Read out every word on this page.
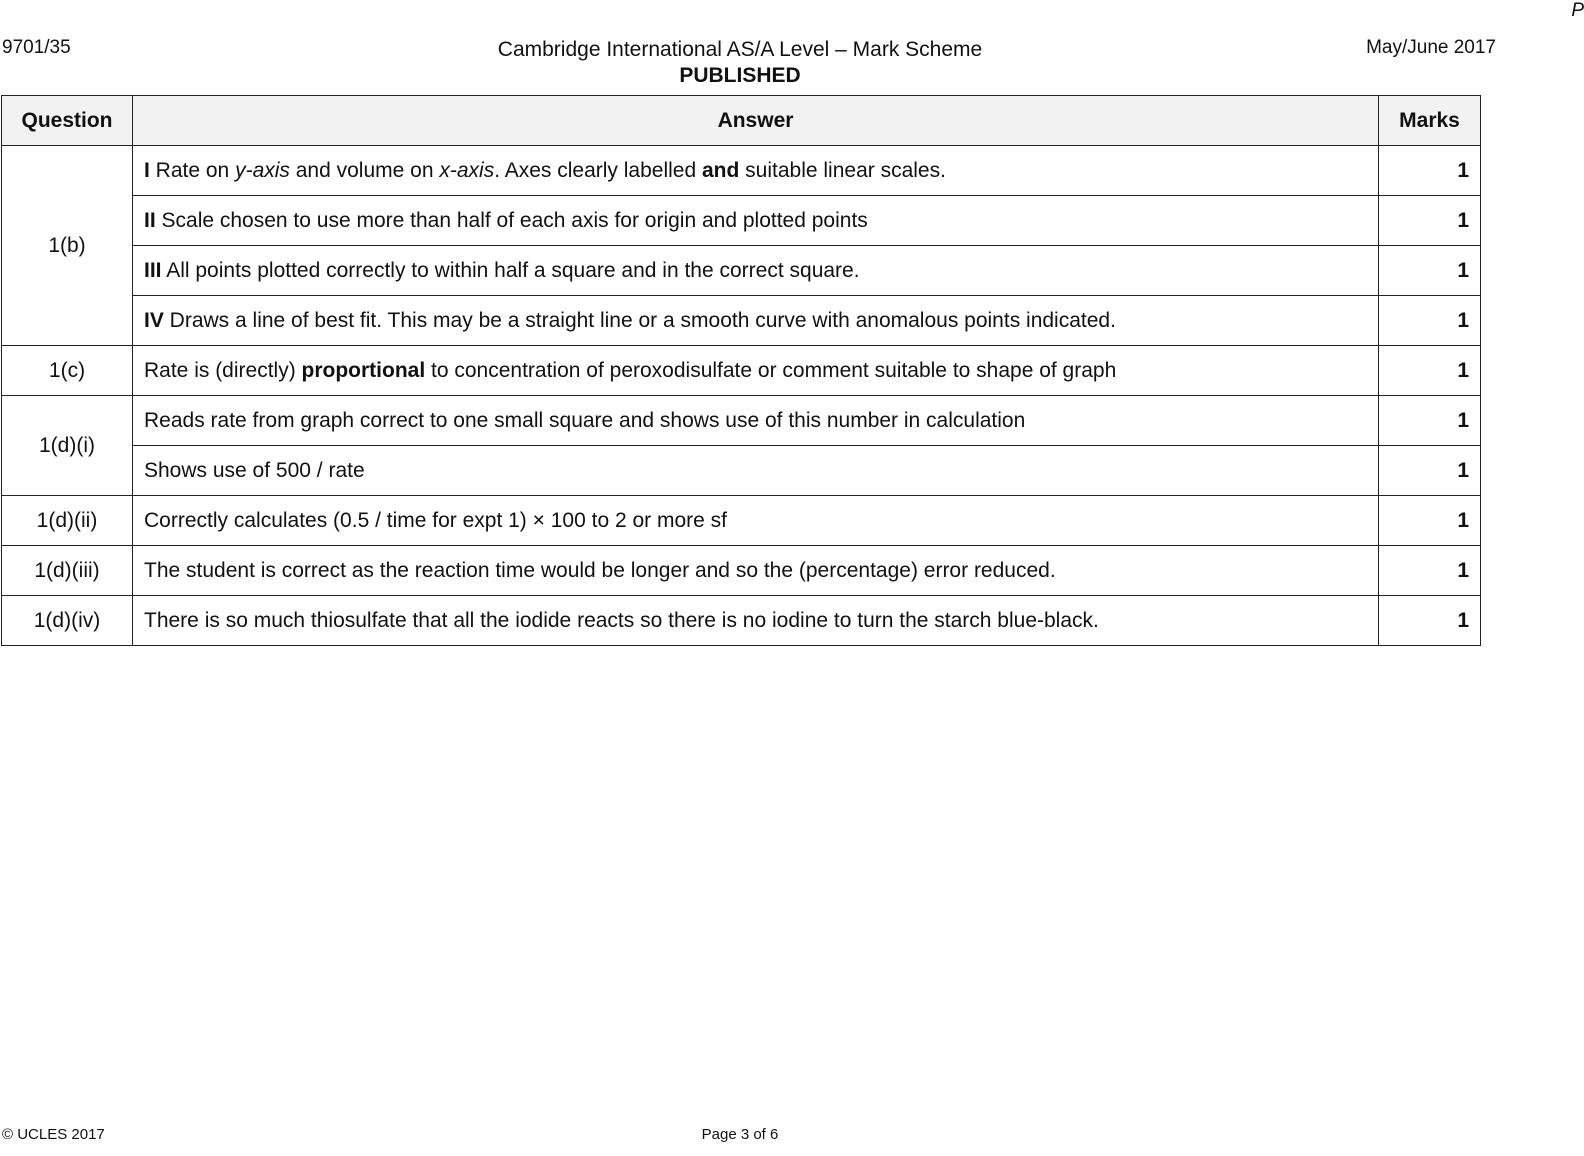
9701/35	Cambridge International AS/A Level – Mark Scheme
PUBLISHED
May/June 2017
P
Question	Answer	Marks
1(b)	I Rate on y-axis and volume on x-axis. Axes clearly labelled and suitable linear scales.	1
	II Scale chosen to use more than half of each axis for origin and plotted points	1
	III All points plotted correctly to within half a square and in the correct square.	1
	IV Draws a line of best fit. This may be a straight line or a smooth curve with anomalous points indicated.	1
1(c)	Rate is (directly) proportional to concentration of peroxodisulfate or comment suitable to shape of graph	1
1(d)(i)	Reads rate from graph correct to one small square and shows use of this number in calculation	1
	Shows use of 500 / rate	1
1(d)(ii)	Correctly calculates (0.5 / time for expt 1) × 100 to 2 or more sf	1
1(d)(iii)	The student is correct as the reaction time would be longer and so the (percentage) error reduced.	1
1(d)(iv)	There is so much thiosulfate that all the iodide reacts so there is no iodine to turn the starch blue-black.	1
© UCLES 2017	Page 3 of 6
